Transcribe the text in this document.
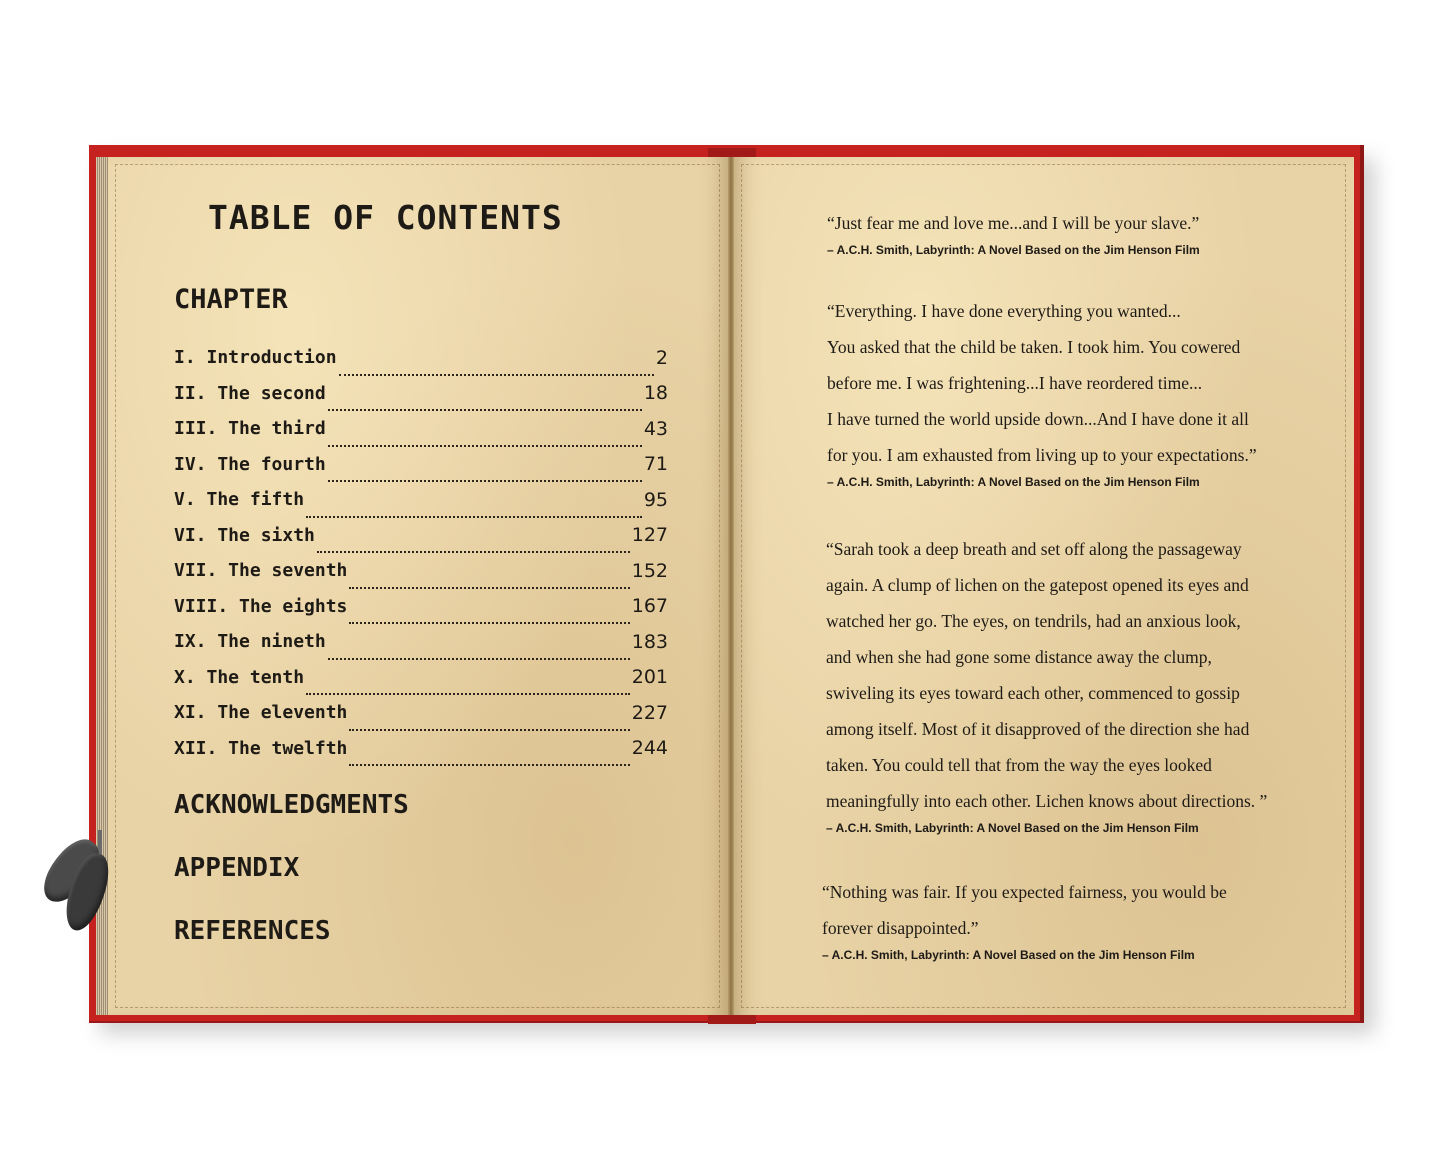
TABLE OF CONTENTS
CHAPTER
I. Introduction	2
II. The second	18
III. The third	43
IV. The fourth	71
V. The fifth	95
VI. The sixth	127
VII. The seventh	152
VIII. The eights	167
IX. The nineth	183
X. The tenth	201
XI. The eleventh	227
XII. The twelfth	244
ACKNOWLEDGMENTS
APPENDIX
REFERENCES
“Just fear me and love me...and I will be your slave.”
– A.C.H. Smith, Labyrinth: A Novel Based on the Jim Henson Film
“Everything. I have done everything you wanted...
You asked that the child be taken. I took him. You cowered
before me. I was frightening...I have reordered time...
I have turned the world upside down...And I have done it all
for you. I am exhausted from living up to your expectations.”
– A.C.H. Smith, Labyrinth: A Novel Based on the Jim Henson Film
“Sarah took a deep breath and set off along the passageway
again. A clump of lichen on the gatepost opened its eyes and
watched her go. The eyes, on tendrils, had an anxious look,
and when she had gone some distance away the clump,
swiveling its eyes toward each other, commenced to gossip
among itself. Most of it disapproved of the direction she had
taken. You could tell that from the way the eyes looked
meaningfully into each other. Lichen knows about directions. ”
– A.C.H. Smith, Labyrinth: A Novel Based on the Jim Henson Film
“Nothing was fair. If you expected fairness, you would be
forever disappointed.”
– A.C.H. Smith, Labyrinth: A Novel Based on the Jim Henson Film
